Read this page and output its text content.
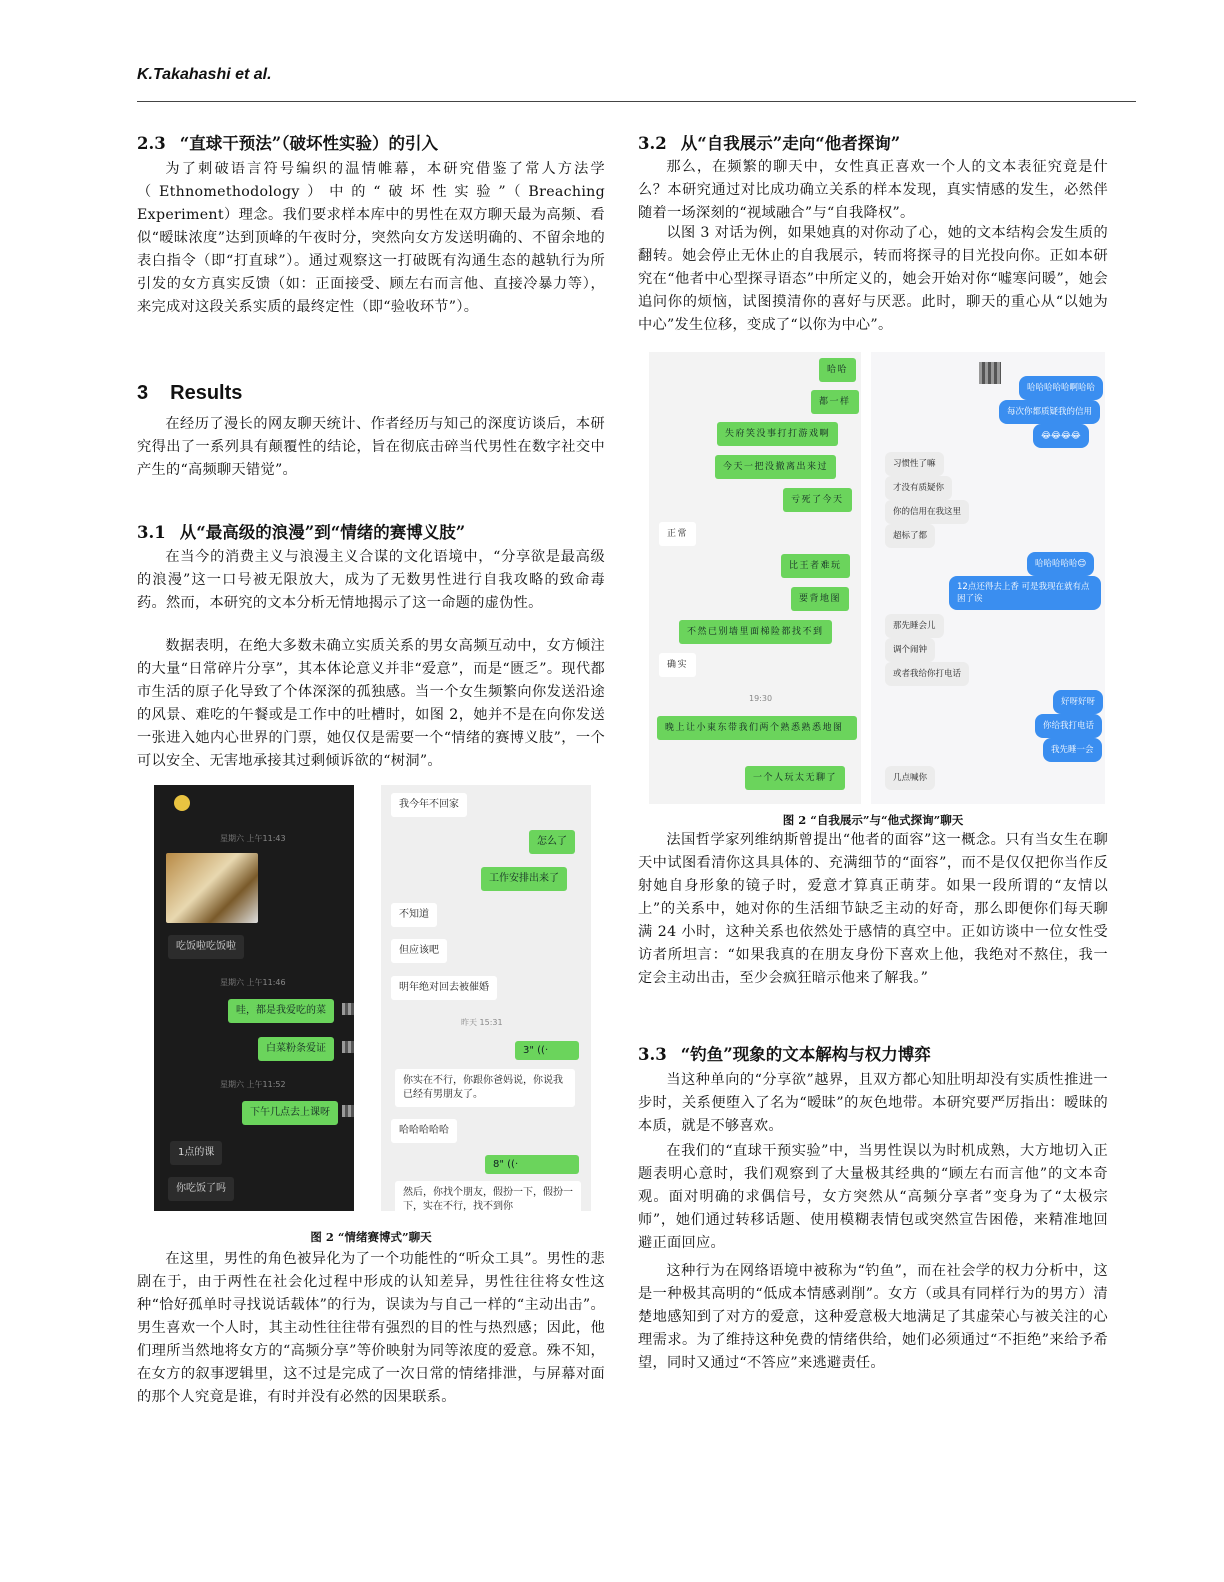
K.Takahashi et al.
2.3 “直球干预法”（破坏性实验）的引入

为了刺破语言符号编织的温情帷幕，本研究借鉴了常人方法学（Ethnomethodology）中的“破坏性实验”（Breaching Experiment）理念。我们要求样本库中的男性在双方聊天最为高频、看似“暧昧浓度”达到顶峰的午夜时分，突然向女方发送明确的、不留余地的表白指令（即“打直球”）。通过观察这一打破既有沟通生态的越轨行为所引发的女方真实反馈（如：正面接受、顾左右而言他、直接冷暴力等），来完成对这段关系实质的最终定性（即“验收环节”）。

3 Results

在经历了漫长的网友聊天统计、作者经历与知己的深度访谈后，本研究得出了一系列具有颠覆性的结论，旨在彻底击碎当代男性在数字社交中产生的“高频聊天错觉”。

3.1 从“最高级的浪漫”到“情绪的赛博义肢”

在当今的消费主义与浪漫主义合谋的文化语境中，“分享欲是最高级的浪漫”这一口号被无限放大，成为了无数男性进行自我攻略的致命毒药。然而，本研究的文本分析无情地揭示了这一命题的虚伪性。

数据表明，在绝大多数未确立实质关系的男女高频互动中，女方倾注的大量“日常碎片分享”，其本体论意义并非“爱意”，而是“匮乏”。现代都市生活的原子化导致了个体深深的孤独感。当一个女生频繁向你发送沿途的风景、难吃的午餐或是工作中的吐槽时，如图 2，她并不是在向你发送一张进入她内心世界的门票，她仅仅是需要一个“情绪的赛博义肢”，一个可以安全、无害地承接其过剩倾诉欲的“树洞”。

星期六 上午11:43
吃饭啦吃饭啦
星期六 上午11:46
哇，都是我爱吃的菜
白菜粉条爱证
星期六 上午11:52
下午几点去上课呀
1点的课
你吃饭了吗
我今年不回家
怎么了
工作安排出来了
不知道
但应该吧
明年绝对回去被催婚
昨天 15:31
3" ((·
你实在不行，你跟你爸妈说，你说我已经有男朋友了。
哈哈哈哈哈
8" ((·
然后，你找个朋友，假扮一下，假扮一下，实在不行，找不到你
图 2 “情绪赛博式”聊天

在这里，男性的角色被异化为了一个功能性的“听众工具”。男性的悲剧在于，由于两性在社会化过程中形成的认知差异，男性往往将女性这种“恰好孤单时寻找说话载体”的行为，误读为与自己一样的“主动出击”。男生喜欢一个人时，其主动性往往带有强烈的目的性与热烈感；因此，他们理所当然地将女方的“高频分享”等价映射为同等浓度的爱意。殊不知，在女方的叙事逻辑里，这不过是完成了一次日常的情绪排泄，与屏幕对面的那个人究竟是谁，有时并没有必然的因果联系。

3.2 从“自我展示”走向“他者探询”

那么，在频繁的聊天中，女性真正喜欢一个人的文本表征究竟是什么？本研究通过对比成功确立关系的样本发现，真实情感的发生，必然伴随着一场深刻的“视域融合”与“自我降权”。

以图 3 对话为例，如果她真的对你动了心，她的文本结构会发生质的翻转。她会停止无休止的自我展示，转而将探寻的目光投向你。正如本研究在“他者中心型探寻语态”中所定义的，她会开始对你“嘘寒问暖”，她会追问你的烦恼，试图摸清你的喜好与厌恶。此时，聊天的重心从“以她为中心”发生位移，变成了“以你为中心”。

哈哈
都一样
失府笑没事打打游戏啊
今天一把没撤离出来过
亏死了今天
正常
比王者难玩
要背地图
不然已别墙里面梯险都找不到
确实
19:30
晚上让小東东带我们两个熟悉熟悉地图
一个人玩太无聊了
哈哈哈哈哈啊哈哈
每次你都质疑我的信用
😂😂😂😂
习惯性了嘛
才没有质疑你
你的信用在我这里
超标了都
哈哈哈哈哈😊
12点还得去上香 可是我现在就有点困了诶
那先睡会儿
调个闹钟
或者我给你打电话
好呀好呀
你给我打电话
我先睡一会
几点喊你
图 2 “自我展示”与“他式探询”聊天

法国哲学家列维纳斯曾提出“他者的面容”这一概念。只有当女生在聊天中试图看清你这具具体的、充满细节的“面容”，而不是仅仅把你当作反射她自身形象的镜子时，爱意才算真正萌芽。如果一段所谓的“友情以上”的关系中，她对你的生活细节缺乏主动的好奇，那么即便你们每天聊满 24 小时，这种关系也依然处于感情的真空中。正如访谈中一位女性受访者所坦言：“如果我真的在朋友身份下喜欢上他，我绝对不熬住，我一定会主动出击，至少会疯狂暗示他来了解我。”

3.3 “钓鱼”现象的文本解构与权力博弈

当这种单向的“分享欲”越界，且双方都心知肚明却没有实质性推进一步时，关系便堕入了名为“暧昧”的灰色地带。本研究要严厉指出：暧昧的本质，就是不够喜欢。

在我们的“直球干预实验”中，当男性误以为时机成熟，大方地切入正题表明心意时，我们观察到了大量极其经典的“顾左右而言他”的文本奇观。面对明确的求偶信号，女方突然从“高频分享者”变身为了“太极宗师”，她们通过转移话题、使用模糊表情包或突然宣告困倦，来精准地回避正面回应。

这种行为在网络语境中被称为“钓鱼”，而在社会学的权力分析中，这是一种极其高明的“低成本情感剥削”。女方（或具有同样行为的男方）清楚地感知到了对方的爱意，这种爱意极大地满足了其虚荣心与被关注的心理需求。为了维持这种免费的情绪供给，她们必须通过“不拒绝”来给予希望，同时又通过“不答应”来逃避责任。
